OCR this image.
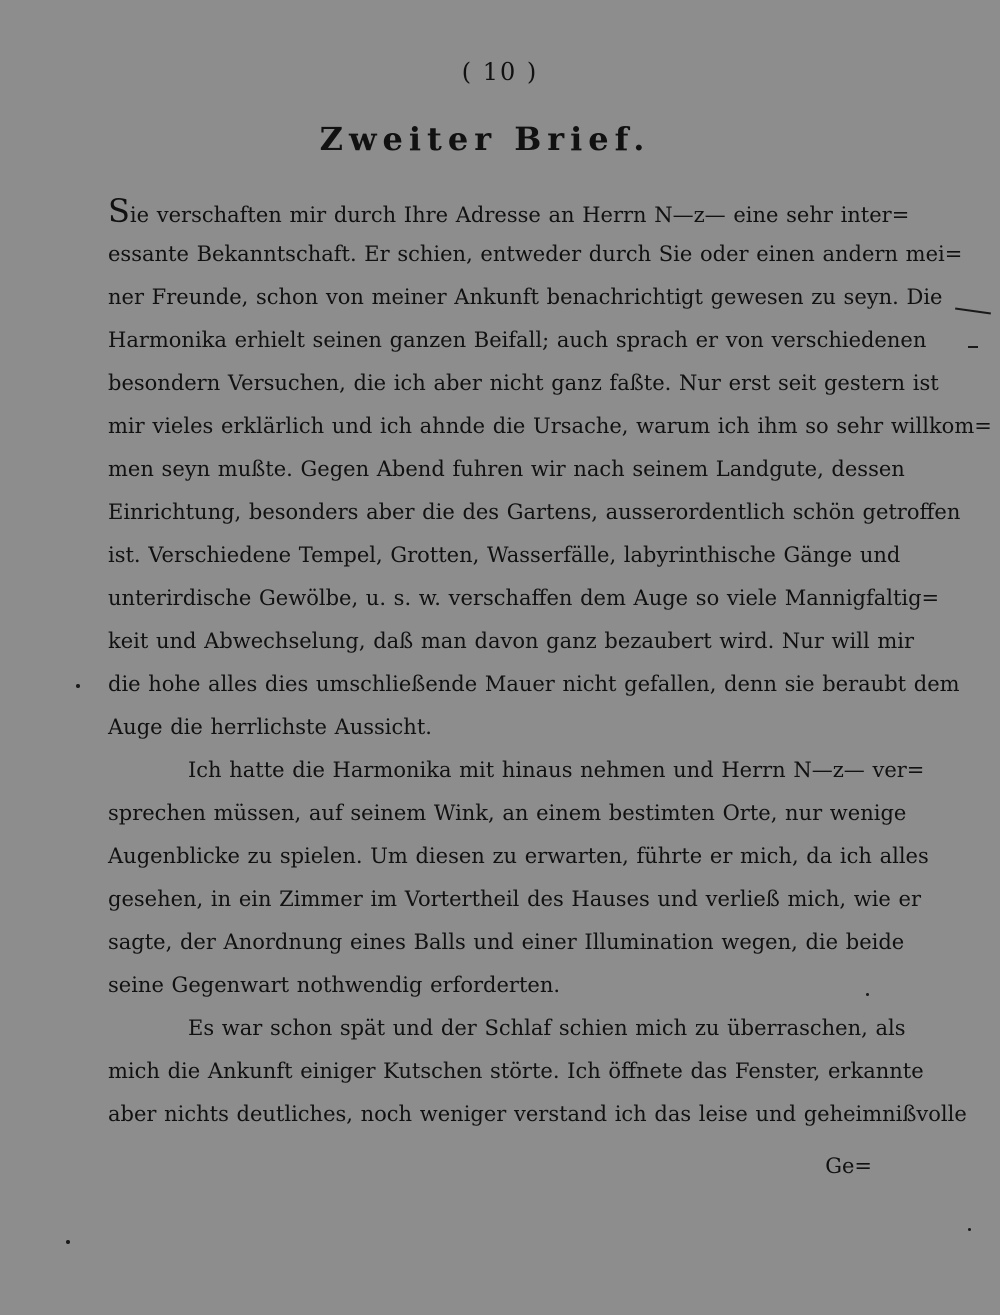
( 10 )
Zweiter Brief.
Sie verschaften mir durch Ihre Adresse an Herrn N—z— eine sehr inter=
essante Bekanntschaft. Er schien, entweder durch Sie oder einen andern mei=
ner Freunde, schon von meiner Ankunft benachrichtigt gewesen zu seyn. Die
Harmonika erhielt seinen ganzen Beifall; auch sprach er von verschiedenen
besondern Versuchen, die ich aber nicht ganz faßte. Nur erst seit gestern ist
mir vieles erklärlich und ich ahnde die Ursache, warum ich ihm so sehr willkom=
men seyn mußte. Gegen Abend fuhren wir nach seinem Landgute, dessen
Einrichtung, besonders aber die des Gartens, ausserordentlich schön getroffen
ist. Verschiedene Tempel, Grotten, Wasserfälle, labyrinthische Gänge und
unterirdische Gewölbe, u. s. w. verschaffen dem Auge so viele Mannigfaltig=
keit und Abwechselung, daß man davon ganz bezaubert wird. Nur will mir
die hohe alles dies umschließende Mauer nicht gefallen, denn sie beraubt dem
Auge die herrlichste Aussicht.
Ich hatte die Harmonika mit hinaus nehmen und Herrn N—z— ver=
sprechen müssen, auf seinem Wink, an einem bestimten Orte, nur wenige
Augenblicke zu spielen. Um diesen zu erwarten, führte er mich, da ich alles
gesehen, in ein Zimmer im Vortertheil des Hauses und verließ mich, wie er
sagte, der Anordnung eines Balls und einer Illumination wegen, die beide
seine Gegenwart nothwendig erforderten.
Es war schon spät und der Schlaf schien mich zu überraschen, als
mich die Ankunft einiger Kutschen störte. Ich öffnete das Fenster, erkannte
aber nichts deutliches, noch weniger verstand ich das leise und geheimnißvolle
Ge=
